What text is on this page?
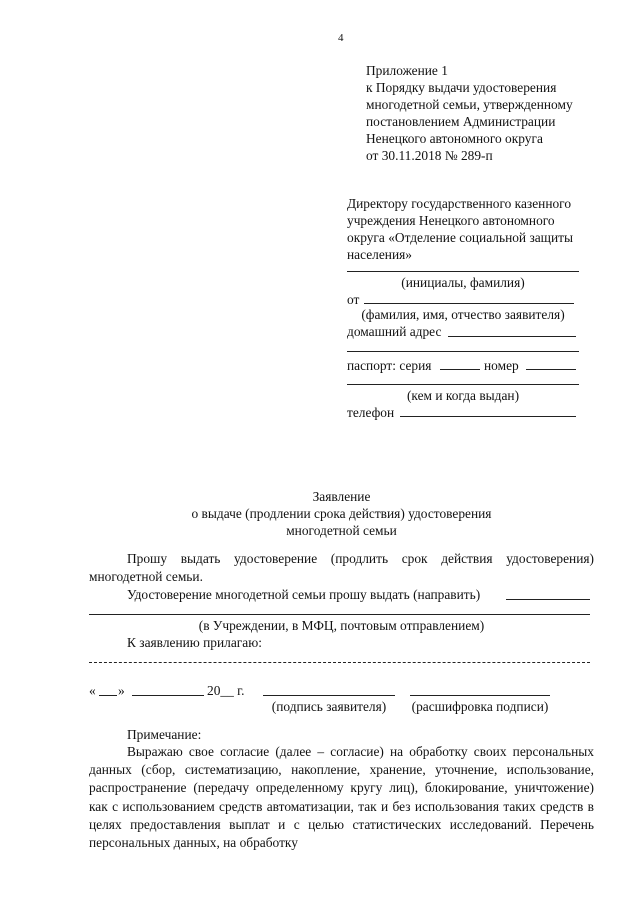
4
Приложение 1
к Порядку выдачи удостоверения
многодетной семьи, утвержденному
постановлением Администрации
Ненецкого автономного округа
от 30.11.2018 № 289-п
Директору государственного казенного
учреждения Ненецкого автономного
округа «Отделение социальной защиты
населения»
(инициалы, фамилия)
от
(фамилия, имя, отчество заявителя)
домашний адрес
паспорт: серия	номер
(кем и когда выдан)
телефон
Заявление
о выдаче (продлении срока действия) удостоверения
многодетной семьи
Прошу выдать удостоверение (продлить срок действия удостоверения) многодетной семьи.
Удостоверение многодетной семьи прошу выдать (направить)
(в Учреждении, в МФЦ, почтовым отправлением)
К заявлению прилагаю:
« »	20__ г.
(подпись заявителя)	(расшифровка подписи)
Примечание:
Выражаю свое согласие (далее – согласие) на обработку своих персональных данных (сбор, систематизацию, накопление, хранение, уточнение, использование, распространение (передачу определенному кругу лиц), блокирование, уничтожение) как с использованием средств автоматизации, так и без использования таких средств в целях предоставления выплат и с целью статистических исследований. Перечень персональных данных, на обработку
